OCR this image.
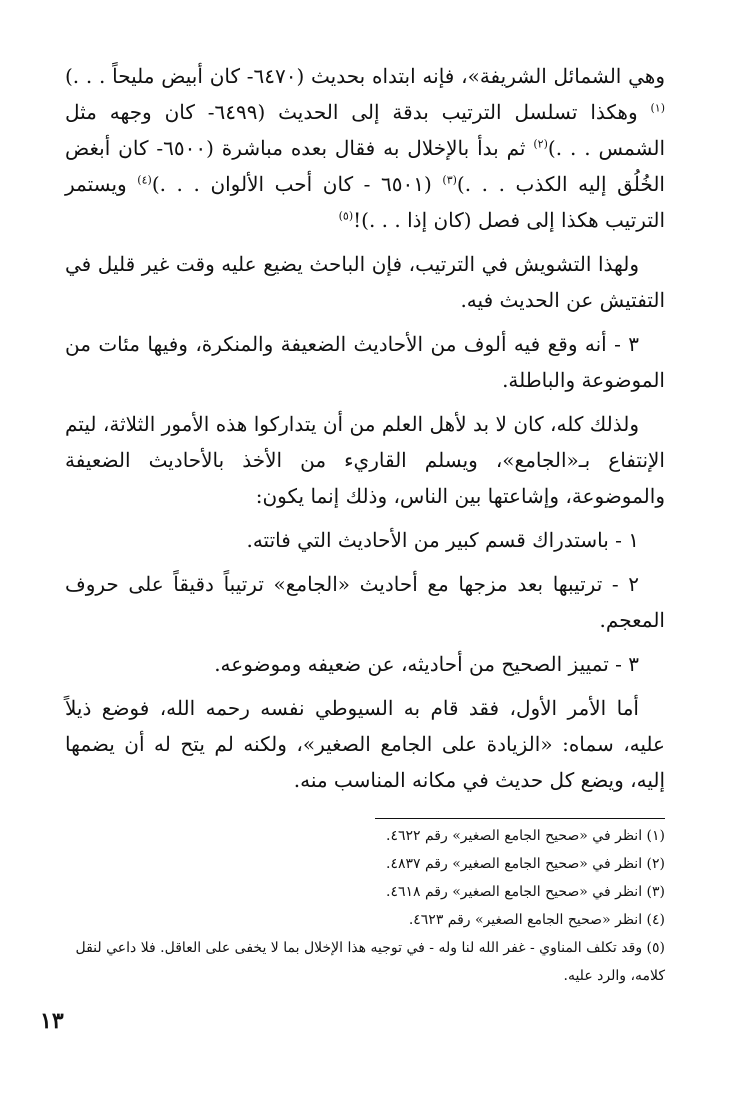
وهي الشمائل الشريفة»، فإنه ابتداه بحديث (٦٤٧٠- كان أبيض مليحاً . . .)$^{(١)}$ وهكذا تسلسل الترتيب بدقة إلى الحديث (٦٤٩٩- كان وجهه مثل الشمس . . .)$^{(٢)}$ ثم بدأ بالإخلال به فقال بعده مباشرة (٦٥٠٠- كان أبغض الخُلُق إليه الكذب . . .)$^{(٣)}$ (٦٥٠١ - كان أحب الألوان . . .)$^{(٤)}$ ويستمر الترتيب هكذا إلى فصل (كان إذا . . .)!$^{(٥)}$

ولهذا التشويش في الترتيب، فإن الباحث يضيع عليه وقت غير قليل في التفتيش عن الحديث فيه.

٣ - أنه وقع فيه ألوف من الأحاديث الضعيفة والمنكرة، وفيها مئات من الموضوعة والباطلة.

ولذلك كله، كان لا بد لأهل العلم من أن يتداركوا هذه الأمور الثلاثة، ليتم الإنتفاع بـ«الجامع»، ويسلم القاريء من الأخذ بالأحاديث الضعيفة والموضوعة، وإشاعتها بين الناس، وذلك إنما يكون:

١ - باستدراك قسم كبير من الأحاديث التي فاتته.

٢ - ترتيبها بعد مزجها مع أحاديث «الجامع» ترتيباً دقيقاً على حروف المعجم.

٣ - تمييز الصحيح من أحاديثه، عن ضعيفه وموضوعه.

أما الأمر الأول، فقد قام به السيوطي نفسه رحمه الله، فوضع ذيلاً عليه، سماه: «الزيادة على الجامع الصغير»، ولكنه لم يتح له أن يضمها إليه، ويضع كل حديث في مكانه المناسب منه.

(١) انظر في «صحيح الجامع الصغير» رقم ٤٦٢٢.

(٢) انظر في «صحيح الجامع الصغير» رقم ٤٨٣٧.

(٣) انظر في «صحيح الجامع الصغير» رقم ٤٦١٨.

(٤) انظر «صحيح الجامع الصغير» رقم ٤٦٢٣.

(٥) وقد تكلف المناوي - غفر الله لنا وله - في توجيه هذا الإخلال بما لا يخفى على العاقل. فلا داعي لنقل كلامه، والرد عليه.

١٣
